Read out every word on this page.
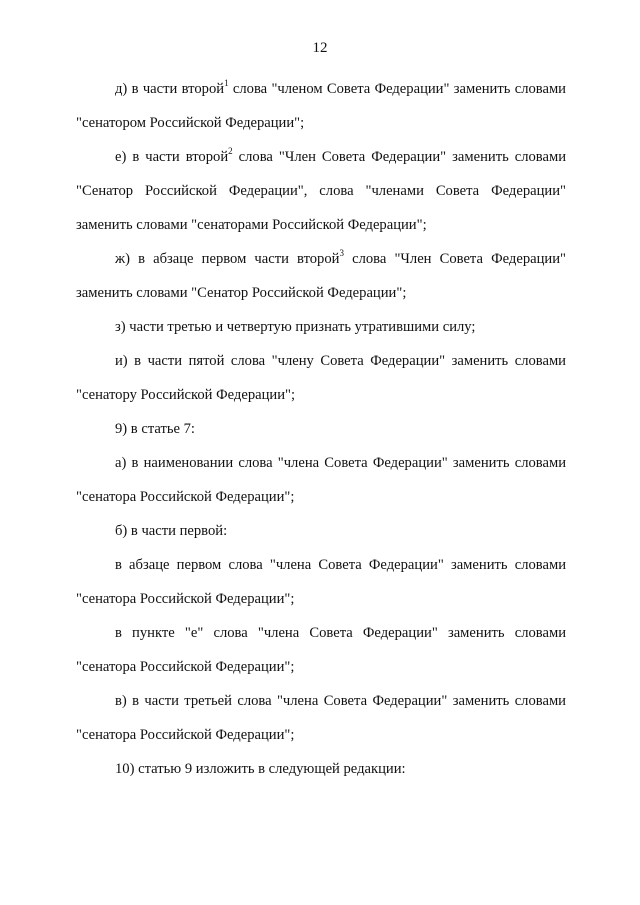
12

д) в части второй$^1$ слова "членом Совета Федерации" заменить словами "сенатором Российской Федерации";

е) в части второй$^2$ слова "Член Совета Федерации" заменить словами "Сенатор Российской Федерации", слова "членами Совета Федерации" заменить словами "сенаторами Российской Федерации";

ж) в абзаце первом части второй$^3$ слова "Член Совета Федерации" заменить словами "Сенатор Российской Федерации";

з) части третью и четвертую признать утратившими силу;

и) в части пятой слова "члену Совета Федерации" заменить словами "сенатору Российской Федерации";

9) в статье 7:

а) в наименовании слова "члена Совета Федерации" заменить словами "сенатора Российской Федерации";

б) в части первой:

в абзаце первом слова "члена Совета Федерации" заменить словами "сенатора Российской Федерации";

в пункте "е" слова "члена Совета Федерации" заменить словами "сенатора Российской Федерации";

в) в части третьей слова "члена Совета Федерации" заменить словами "сенатора Российской Федерации";

10) статью 9 изложить в следующей редакции:
